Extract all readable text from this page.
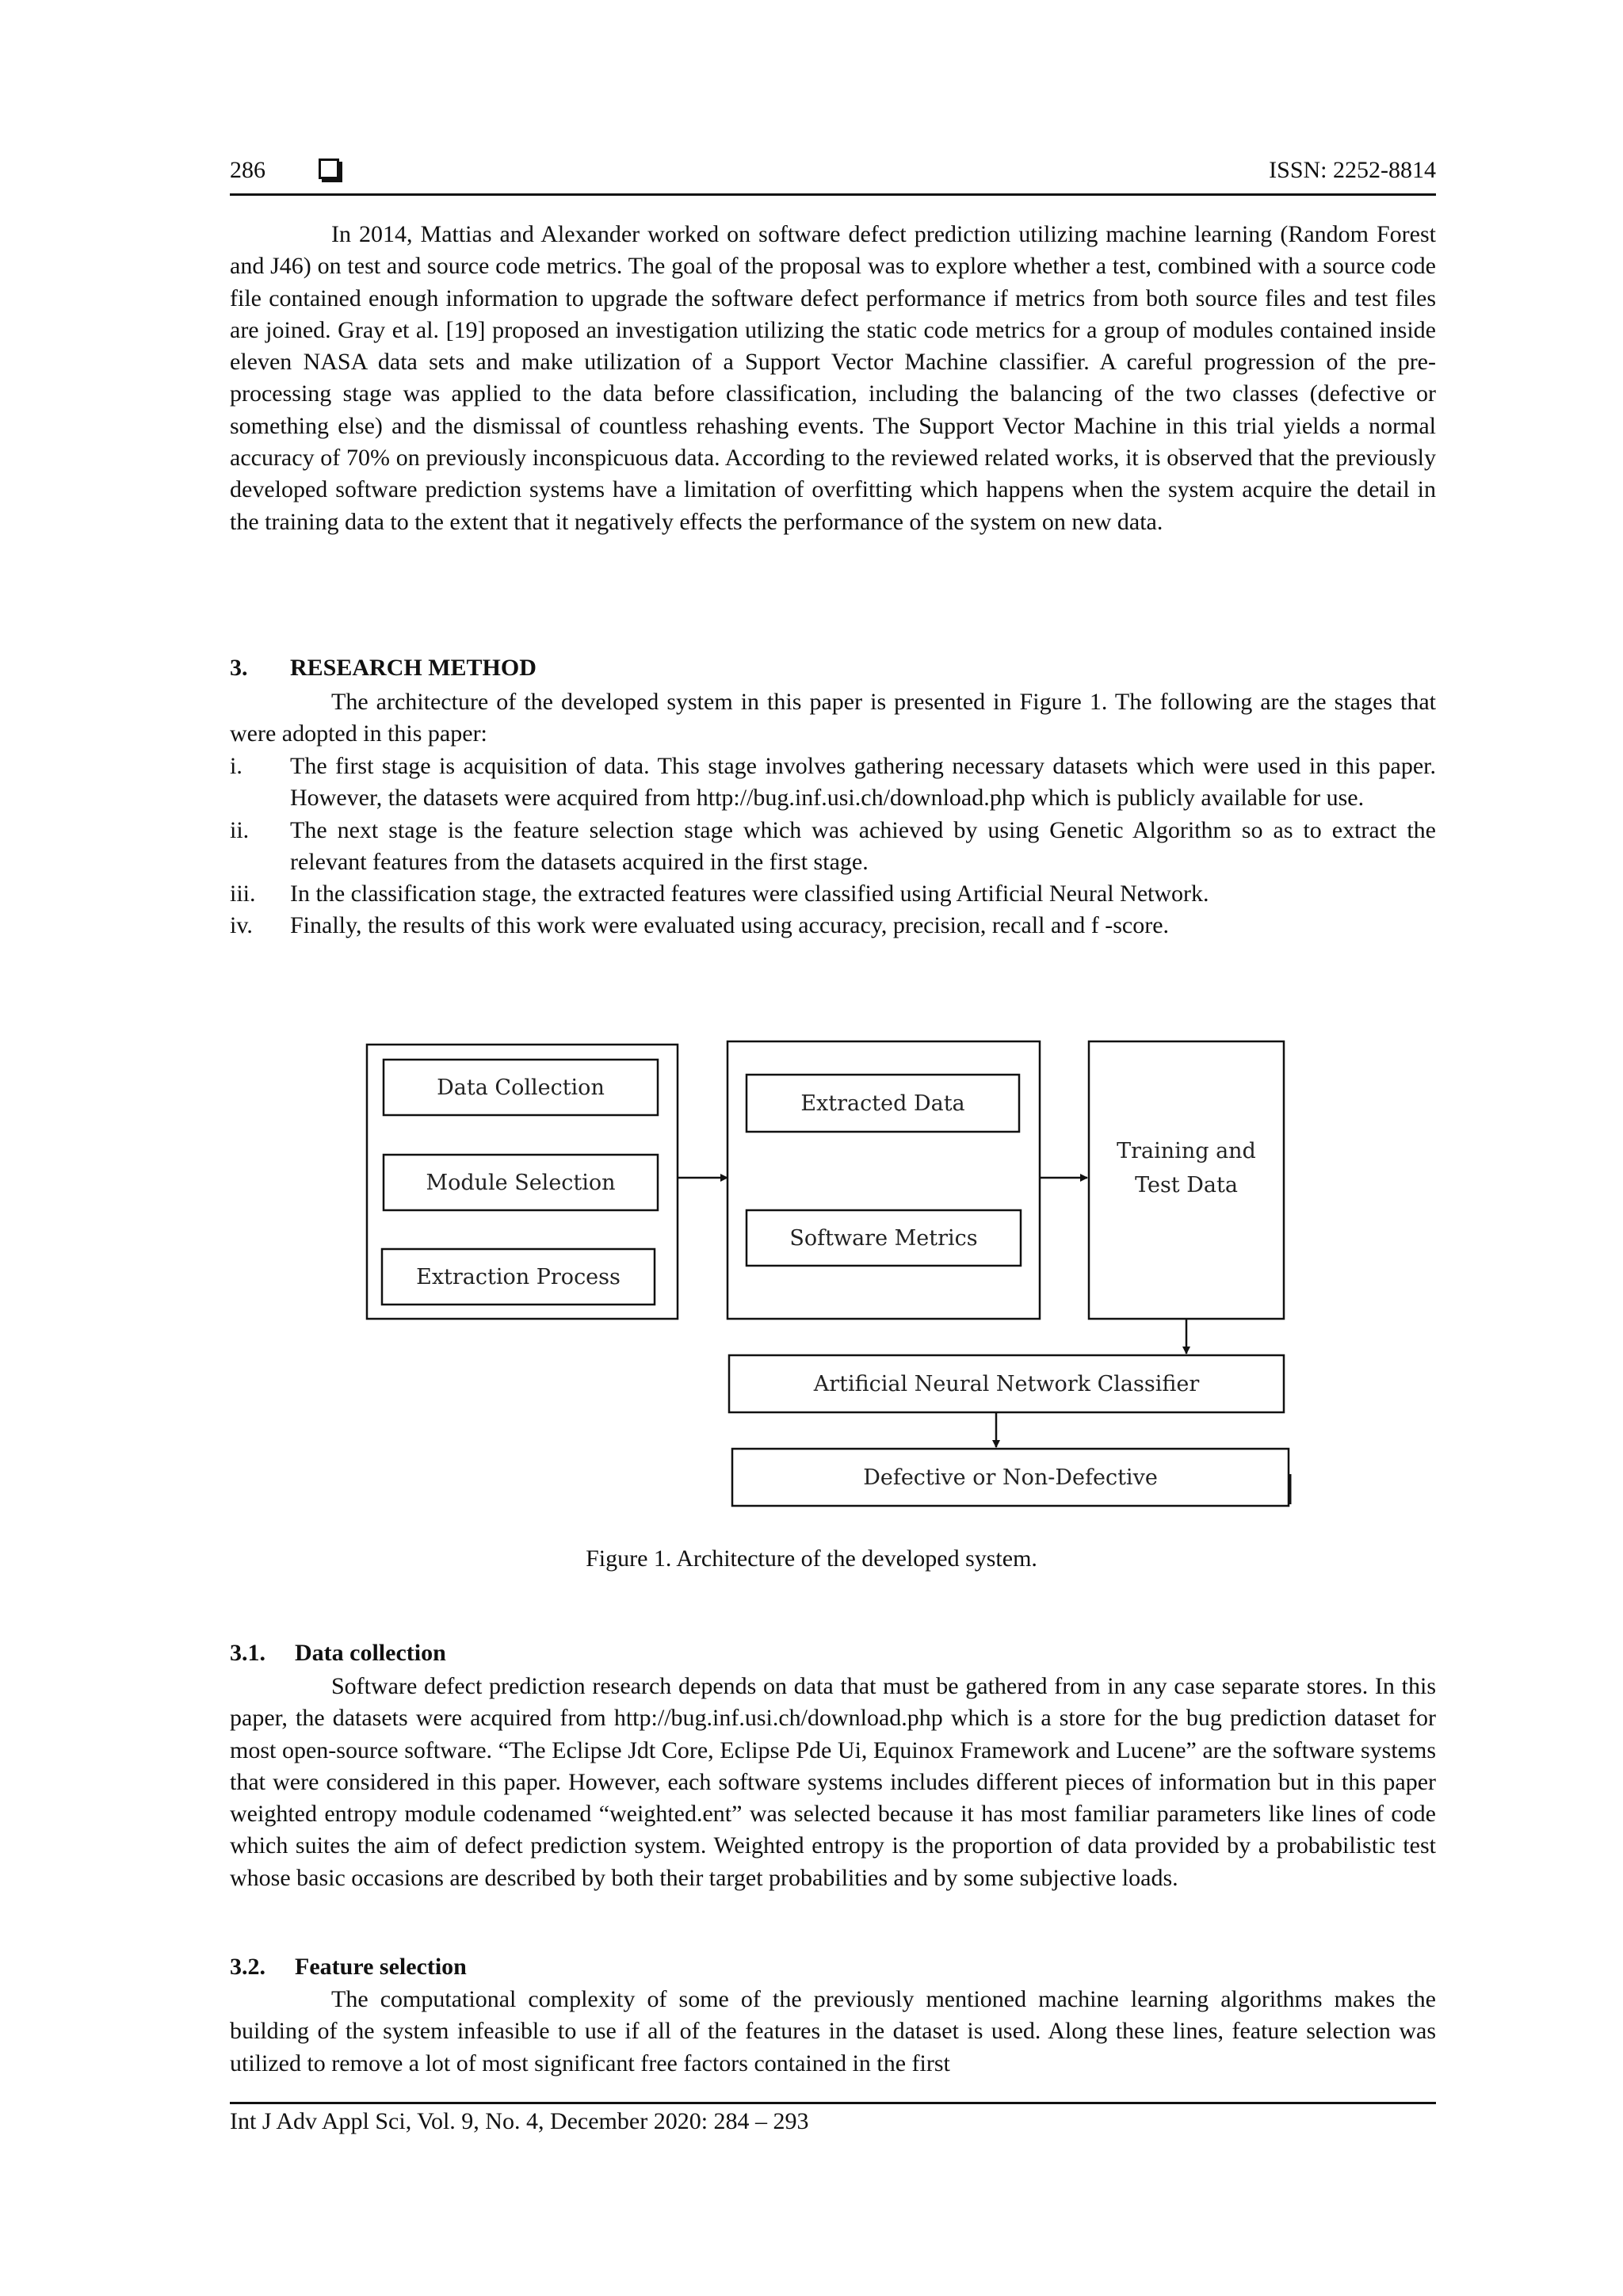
286	ISSN: 2252-8814

In 2014, Mattias and Alexander worked on software defect prediction utilizing machine learning (Random Forest and J46) on test and source code metrics. The goal of the proposal was to explore whether a test, combined with a source code file contained enough information to upgrade the software defect performance if metrics from both source files and test files are joined. Gray et al. [19] proposed an investigation utilizing the static code metrics for a group of modules contained inside eleven NASA data sets and make utilization of a Support Vector Machine classifier. A careful progression of the pre-processing stage was applied to the data before classification, including the balancing of the two classes (defective or something else) and the dismissal of countless rehashing events. The Support Vector Machine in this trial yields a normal accuracy of 70% on previously inconspicuous data. According to the reviewed related works, it is observed that the previously developed software prediction systems have a limitation of overfitting which happens when the system acquire the detail in the training data to the extent that it negatively effects the performance of the system on new data.

3. RESEARCH METHOD

The architecture of the developed system in this paper is presented in Figure 1. The following are the stages that were adopted in this paper:

i. The first stage is acquisition of data. This stage involves gathering necessary datasets which were used in this paper. However, the datasets were acquired from http://bug.inf.usi.ch/download.php which is publicly available for use.
ii. The next stage is the feature selection stage which was achieved by using Genetic Algorithm so as to extract the relevant features from the datasets acquired in the first stage.
iii. In the classification stage, the extracted features were classified using Artificial Neural Network.
iv. Finally, the results of this work were evaluated using accuracy, precision, recall and f -score.
Data Collection
Module Selection
Extraction Process
Extracted Data
Software Metrics
Training and
Test Data
Artificial Neural Network Classifier
Defective or Non-Defective
Figure 1. Architecture of the developed system.
3.1. Data collection

Software defect prediction research depends on data that must be gathered from in any case separate stores. In this paper, the datasets were acquired from http://bug.inf.usi.ch/download.php which is a store for the bug prediction dataset for most open-source software. “The Eclipse Jdt Core, Eclipse Pde Ui, Equinox Framework and Lucene” are the software systems that were considered in this paper. However, each software systems includes different pieces of information but in this paper weighted entropy module codenamed “weighted.ent” was selected because it has most familiar parameters like lines of code which suites the aim of defect prediction system. Weighted entropy is the proportion of data provided by a probabilistic test whose basic occasions are described by both their target probabilities and by some subjective loads.

3.2. Feature selection

The computational complexity of some of the previously mentioned machine learning algorithms makes the building of the system infeasible to use if all of the features in the dataset is used. Along these lines, feature selection was utilized to remove a lot of most significant free factors contained in the first

Int J Adv Appl Sci, Vol. 9, No. 4, December 2020: 284 – 293
